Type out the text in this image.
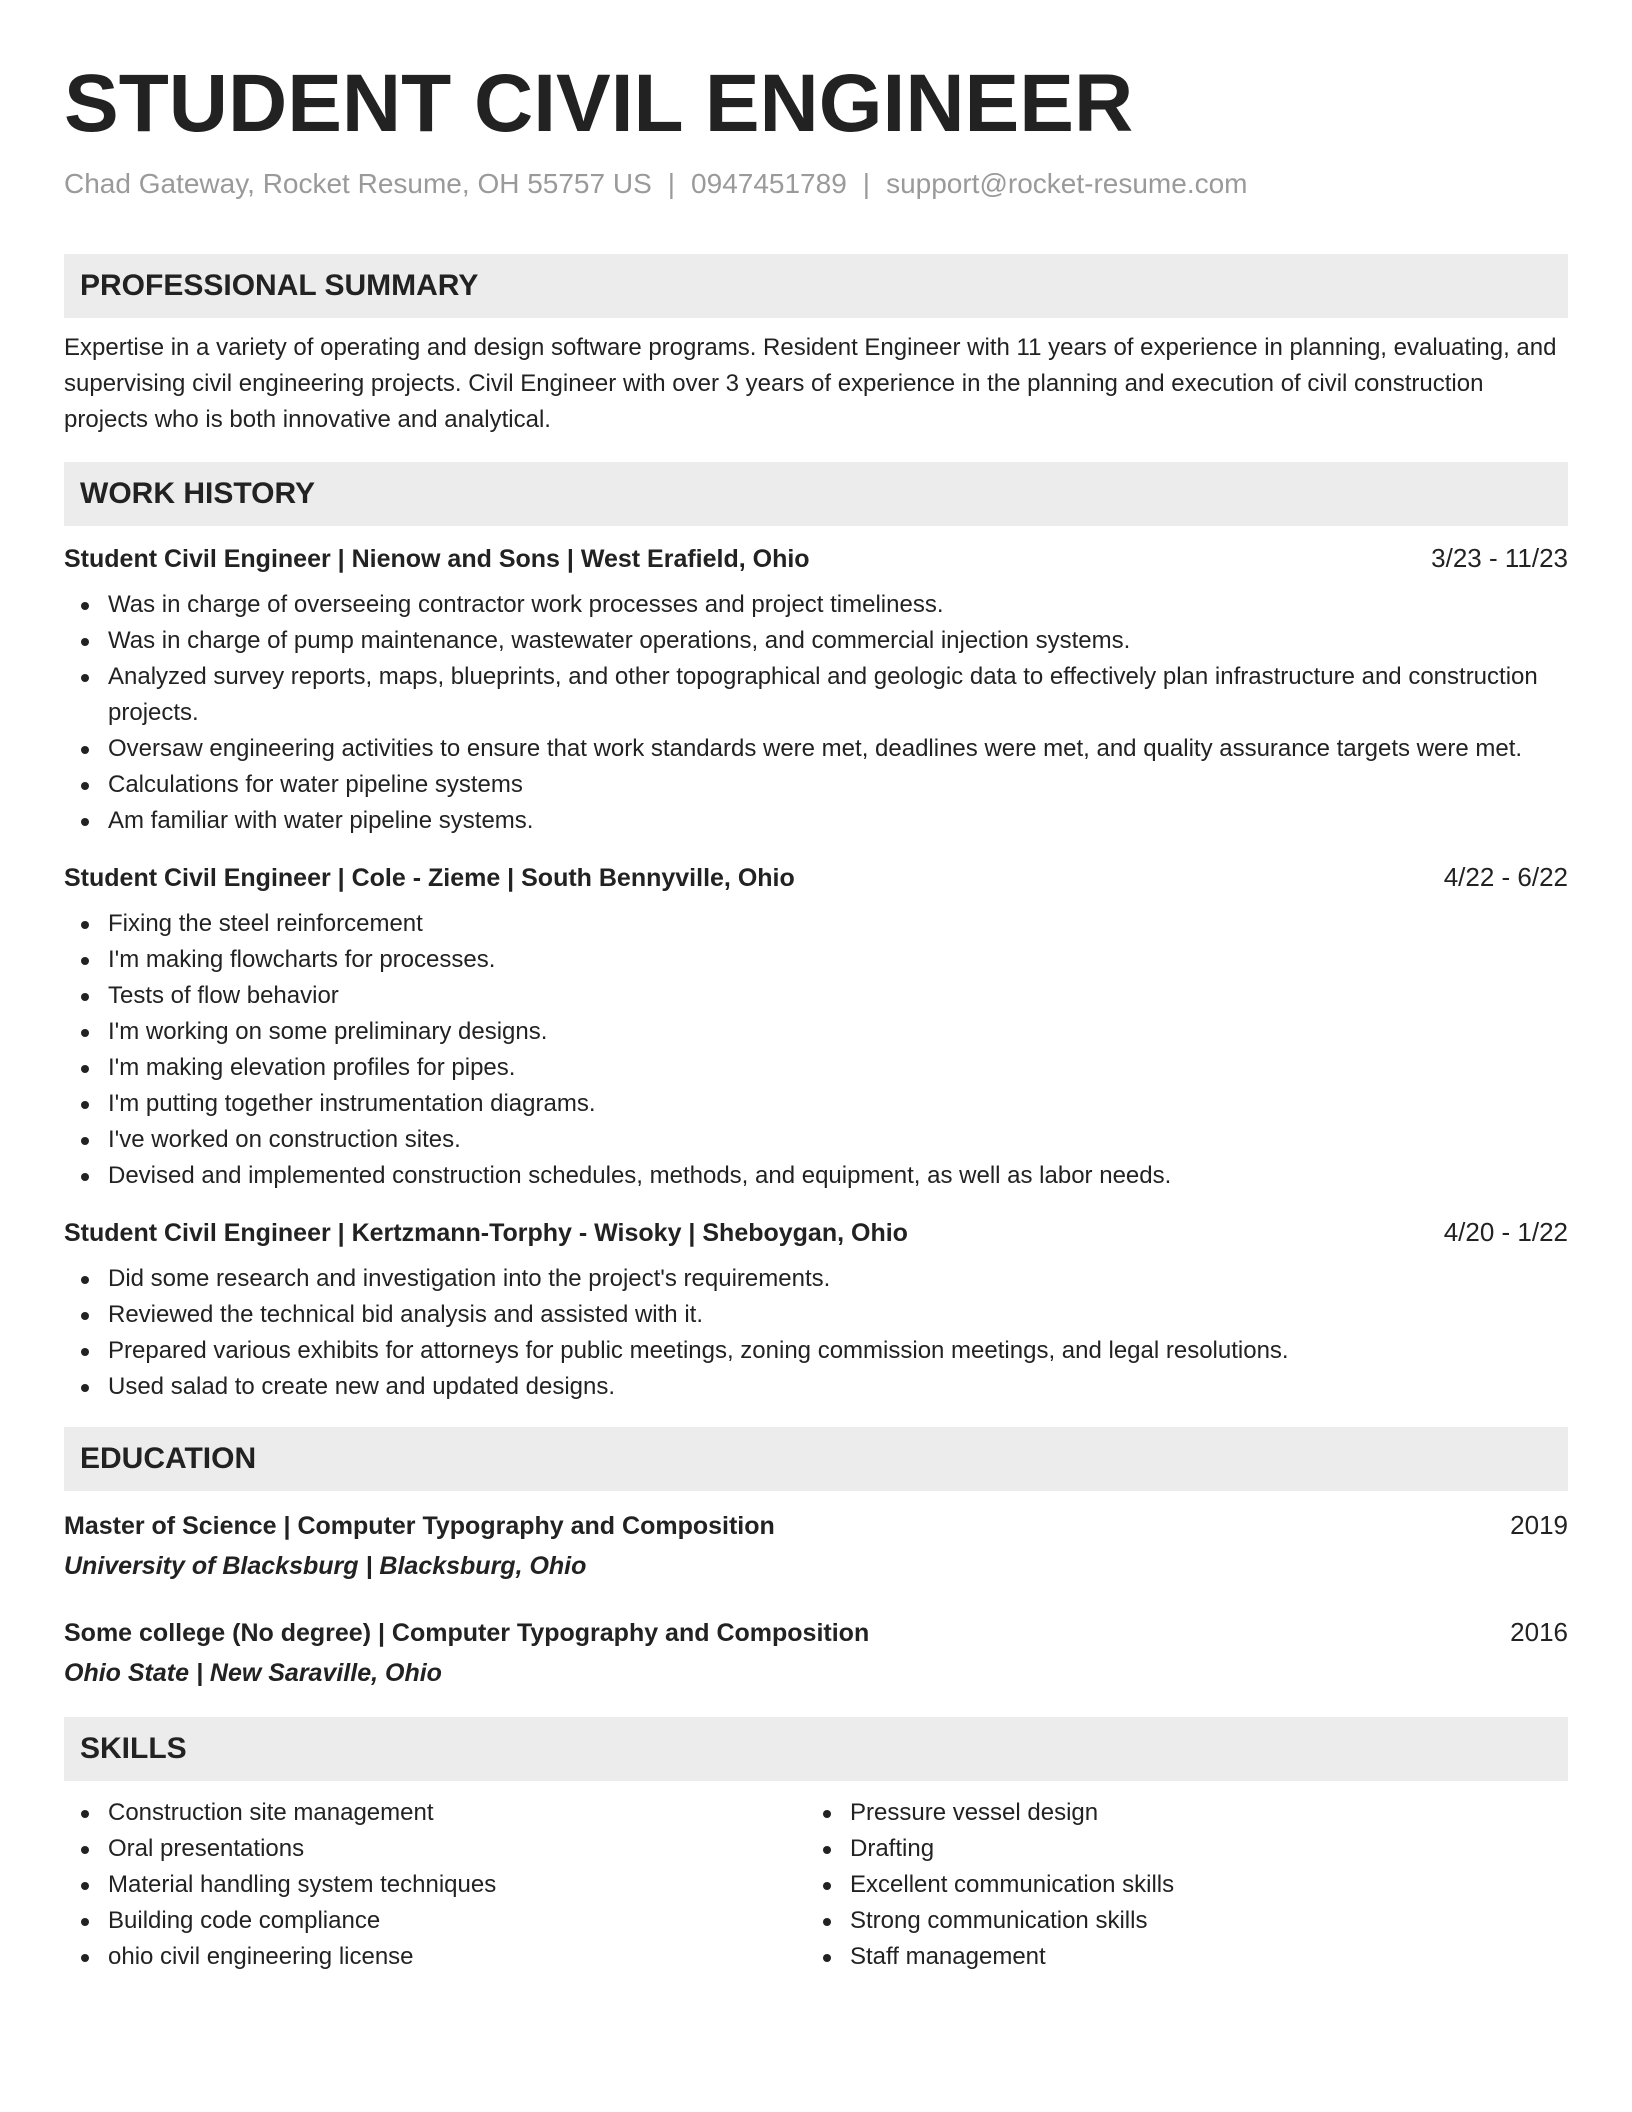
STUDENT CIVIL ENGINEER
Chad Gateway, Rocket Resume, OH 55757 US | 0947451789 | support@rocket-resume.com
PROFESSIONAL SUMMARY

Expertise in a variety of operating and design software programs. Resident Engineer with 11 years of experience in planning, evaluating, and supervising civil engineering projects. Civil Engineer with over 3 years of experience in the planning and execution of civil construction projects who is both innovative and analytical.

WORK HISTORY
Student Civil Engineer | Nienow and Sons | West Erafield, Ohio	3/23 - 11/23
Was in charge of overseeing contractor work processes and project timeliness.
Was in charge of pump maintenance, wastewater operations, and commercial injection systems.
Analyzed survey reports, maps, blueprints, and other topographical and geologic data to effectively plan infrastructure and construction projects.
Oversaw engineering activities to ensure that work standards were met, deadlines were met, and quality assurance targets were met.
Calculations for water pipeline systems
Am familiar with water pipeline systems.
Student Civil Engineer | Cole - Zieme | South Bennyville, Ohio	4/22 - 6/22
Fixing the steel reinforcement
I'm making flowcharts for processes.
Tests of flow behavior
I'm working on some preliminary designs.
I'm making elevation profiles for pipes.
I'm putting together instrumentation diagrams.
I've worked on construction sites.
Devised and implemented construction schedules, methods, and equipment, as well as labor needs.
Student Civil Engineer | Kertzmann-Torphy - Wisoky | Sheboygan, Ohio	4/20 - 1/22
Did some research and investigation into the project's requirements.
Reviewed the technical bid analysis and assisted with it.
Prepared various exhibits for attorneys for public meetings, zoning commission meetings, and legal resolutions.
Used salad to create new and updated designs.
EDUCATION
Master of Science | Computer Typography and Composition	2019
University of Blacksburg | Blacksburg, Ohio
Some college (No degree) | Computer Typography and Composition	2016
Ohio State | New Saraville, Ohio
SKILLS
Construction site management
Oral presentations
Material handling system techniques
Building code compliance
ohio civil engineering license
Pressure vessel design
Drafting
Excellent communication skills
Strong communication skills
Staff management
